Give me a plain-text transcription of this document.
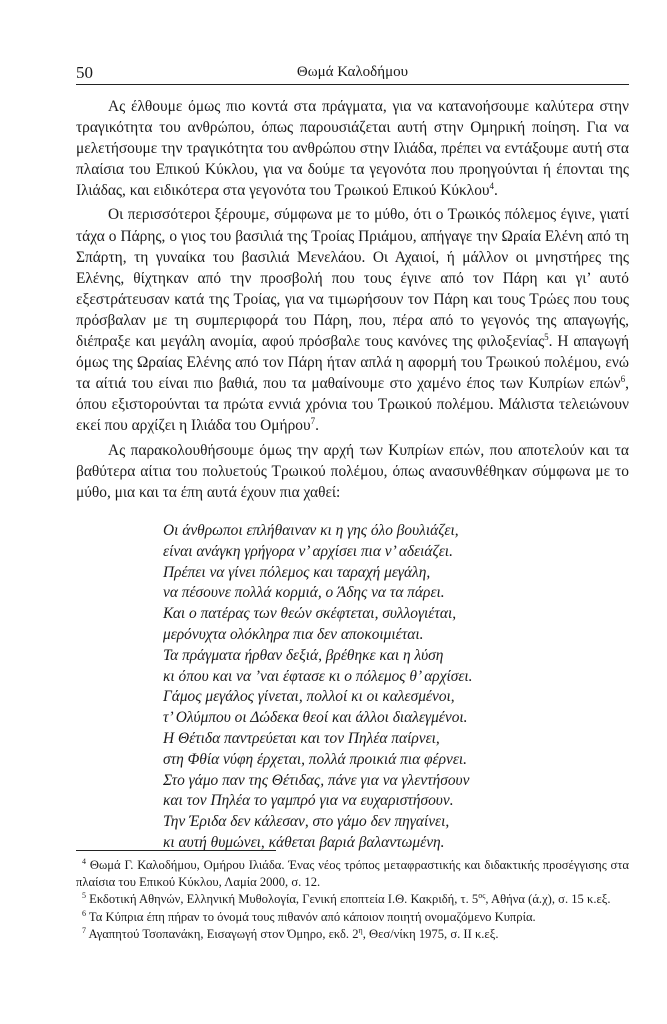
50	Θωμά Καλοδήμου

Ας έλθουμε όμως πιο κοντά στα πράγματα, για να κατανοήσουμε καλύτερα στην τραγικότητα του ανθρώπου, όπως παρουσιάζεται αυτή στην Ομηρική ποίηση. Για να μελετήσουμε την τραγικότητα του ανθρώπου στην Ιλιάδα, πρέπει να εντάξουμε αυτή στα πλαίσια του Επικού Κύκλου, για να δούμε τα γεγονότα που προηγούνται ή έπονται της Ιλιάδας, και ειδικότερα στα γεγονότα του Τρωικού Επικού Κύκλου$^4$.

Οι περισσότεροι ξέρουμε, σύμφωνα με το μύθο, ότι ο Τρωικός πόλεμος έγινε, γιατί τάχα ο Πάρης, ο γιος του βασιλιά της Τροίας Πριάμου, απήγαγε την Ωραία Ελένη από τη Σπάρτη, τη γυναίκα του βασιλιά Μενελάου. Οι Αχαιοί, ή μάλλον οι μνηστήρες της Ελένης, θίχτηκαν από την προσβολή που τους έγινε από τον Πάρη και γι’ αυτό εξεστράτευσαν κατά της Τροίας, για να τιμωρήσουν τον Πάρη και τους Τρώες που τους πρόσβαλαν με τη συμπεριφορά του Πάρη, που, πέρα από το γεγονός της απαγωγής, διέπραξε και μεγάλη ανομία, αφού πρόσβαλε τους κανόνες της φιλοξενίας$^5$. Η απαγωγή όμως της Ωραίας Ελένης από τον Πάρη ήταν απλά η αφορμή του Τρωικού πολέμου, ενώ τα αίτιά του είναι πιο βαθιά, που τα μαθαίνουμε στο χαμένο έπος των Κυπρίων επών$^6$, όπου εξιστορούνται τα πρώτα εννιά χρόνια του Τρωικού πολέμου. Μάλιστα τελειώνουν εκεί που αρχίζει η Ιλιάδα του Ομήρου$^7$.

Ας παρακολουθήσουμε όμως την αρχή των Κυπρίων επών, που αποτελούν και τα βαθύτερα αίτια του πολυετούς Τρωικού πολέμου, όπως ανασυνθέθηκαν σύμφωνα με το μύθο, μια και τα έπη αυτά έχουν πια χαθεί:

Οι άνθρωποι επλήθαιναν κι η γης όλο βουλιάζει,
είναι ανάγκη γρήγορα ν’ αρχίσει πια ν’ αδειάζει.
Πρέπει να γίνει πόλεμος και ταραχή μεγάλη,
να πέσουνε πολλά κορμιά, ο Άδης να τα πάρει.
Και ο πατέρας των θεών σκέφτεται, συλλογιέται,
μερόνυχτα ολόκληρα πια δεν αποκοιμιέται.
Τα πράγματα ήρθαν δεξιά, βρέθηκε και η λύση
κι όπου και να ’ναι έφτασε κι ο πόλεμος θ’ αρχίσει.
Γάμος μεγάλος γίνεται, πολλοί κι οι καλεσμένοι,
τ’ Ολύμπου οι Δώδεκα θεοί και άλλοι διαλεγμένοι.
Η Θέτιδα παντρεύεται και τον Πηλέα παίρνει,
στη Φθία νύφη έρχεται, πολλά προικιά πια φέρνει.
Στο γάμο παν της Θέτιδας, πάνε για να γλεντήσουν
και τον Πηλέα το γαμπρό για να ευχαριστήσουν.
Την Έριδα δεν κάλεσαν, στο γάμο δεν πηγαίνει,
κι αυτή θυμώνει, κάθεται βαριά βαλαντωμένη.

$^4$ Θωμά Γ. Καλοδήμου, Ομήρου Ιλιάδα. Ένας νέος τρόπος μεταφραστικής και διδακτικής προσέγγισης στα πλαίσια του Επικού Κύκλου, Λαμία 2000, σ. 12.

$^5$ Εκδοτική Αθηνών, Ελληνική Μυθολογία, Γενική εποπτεία Ι.Θ. Κακριδή, τ. $5^{o\varsigma}$, Αθήνα (ά.χ), σ. 15 κ.εξ.

$^6$ Τα Κύπρια έπη πήραν το όνομά τους πιθανόν από κάποιον ποιητή ονομαζόμενο Κυπρία.

$^7$ Αγαπητού Τσοπανάκη, Εισαγωγή στον Όμηρο, εκδ. $2^\eta$, Θεσ/νίκη 1975, σ. ΙΙ κ.εξ.
